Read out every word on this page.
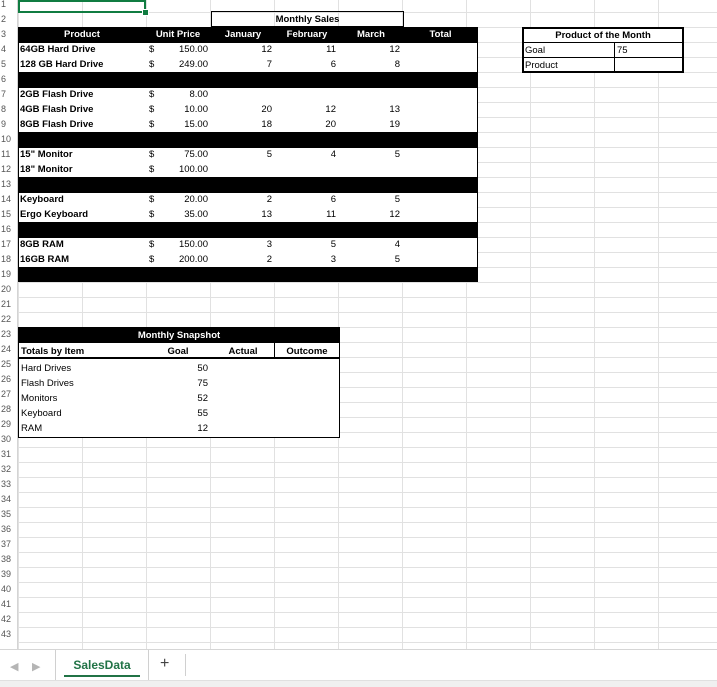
1
2
3
4
5
6
7
8
9
10
11
12
13
14
15
16
17
18
19
20
21
22
23
24
25
26
27
28
29
30
31
32
33
34
35
36
37
38
39
40
41
42
43
Monthly Sales
Product	Unit Price	January	February	March	Total
64GB Hard Drive	$	150.00	12	11	12
128 GB Hard Drive	$	249.00	7	6	8
2GB Flash Drive	$	8.00
4GB Flash Drive	$	10.00	20	12	13
8GB Flash Drive	$	15.00	18	20	19
15" Monitor	$	75.00	5	4	5
18" Monitor	$	100.00
Keyboard	$	20.00	2	6	5
Ergo Keyboard	$	35.00	13	11	12
8GB RAM	$	150.00	3	5	4
16GB RAM	$	200.00	2	3	5
Product of the Month
Goal	75
Product
Monthly Snapshot
Totals by Item	Goal	Actual	Outcome
Hard Drives	50
Flash Drives	75
Monitors	52
Keyboard	55
RAM	12
◀ ▶	SalesData	+
